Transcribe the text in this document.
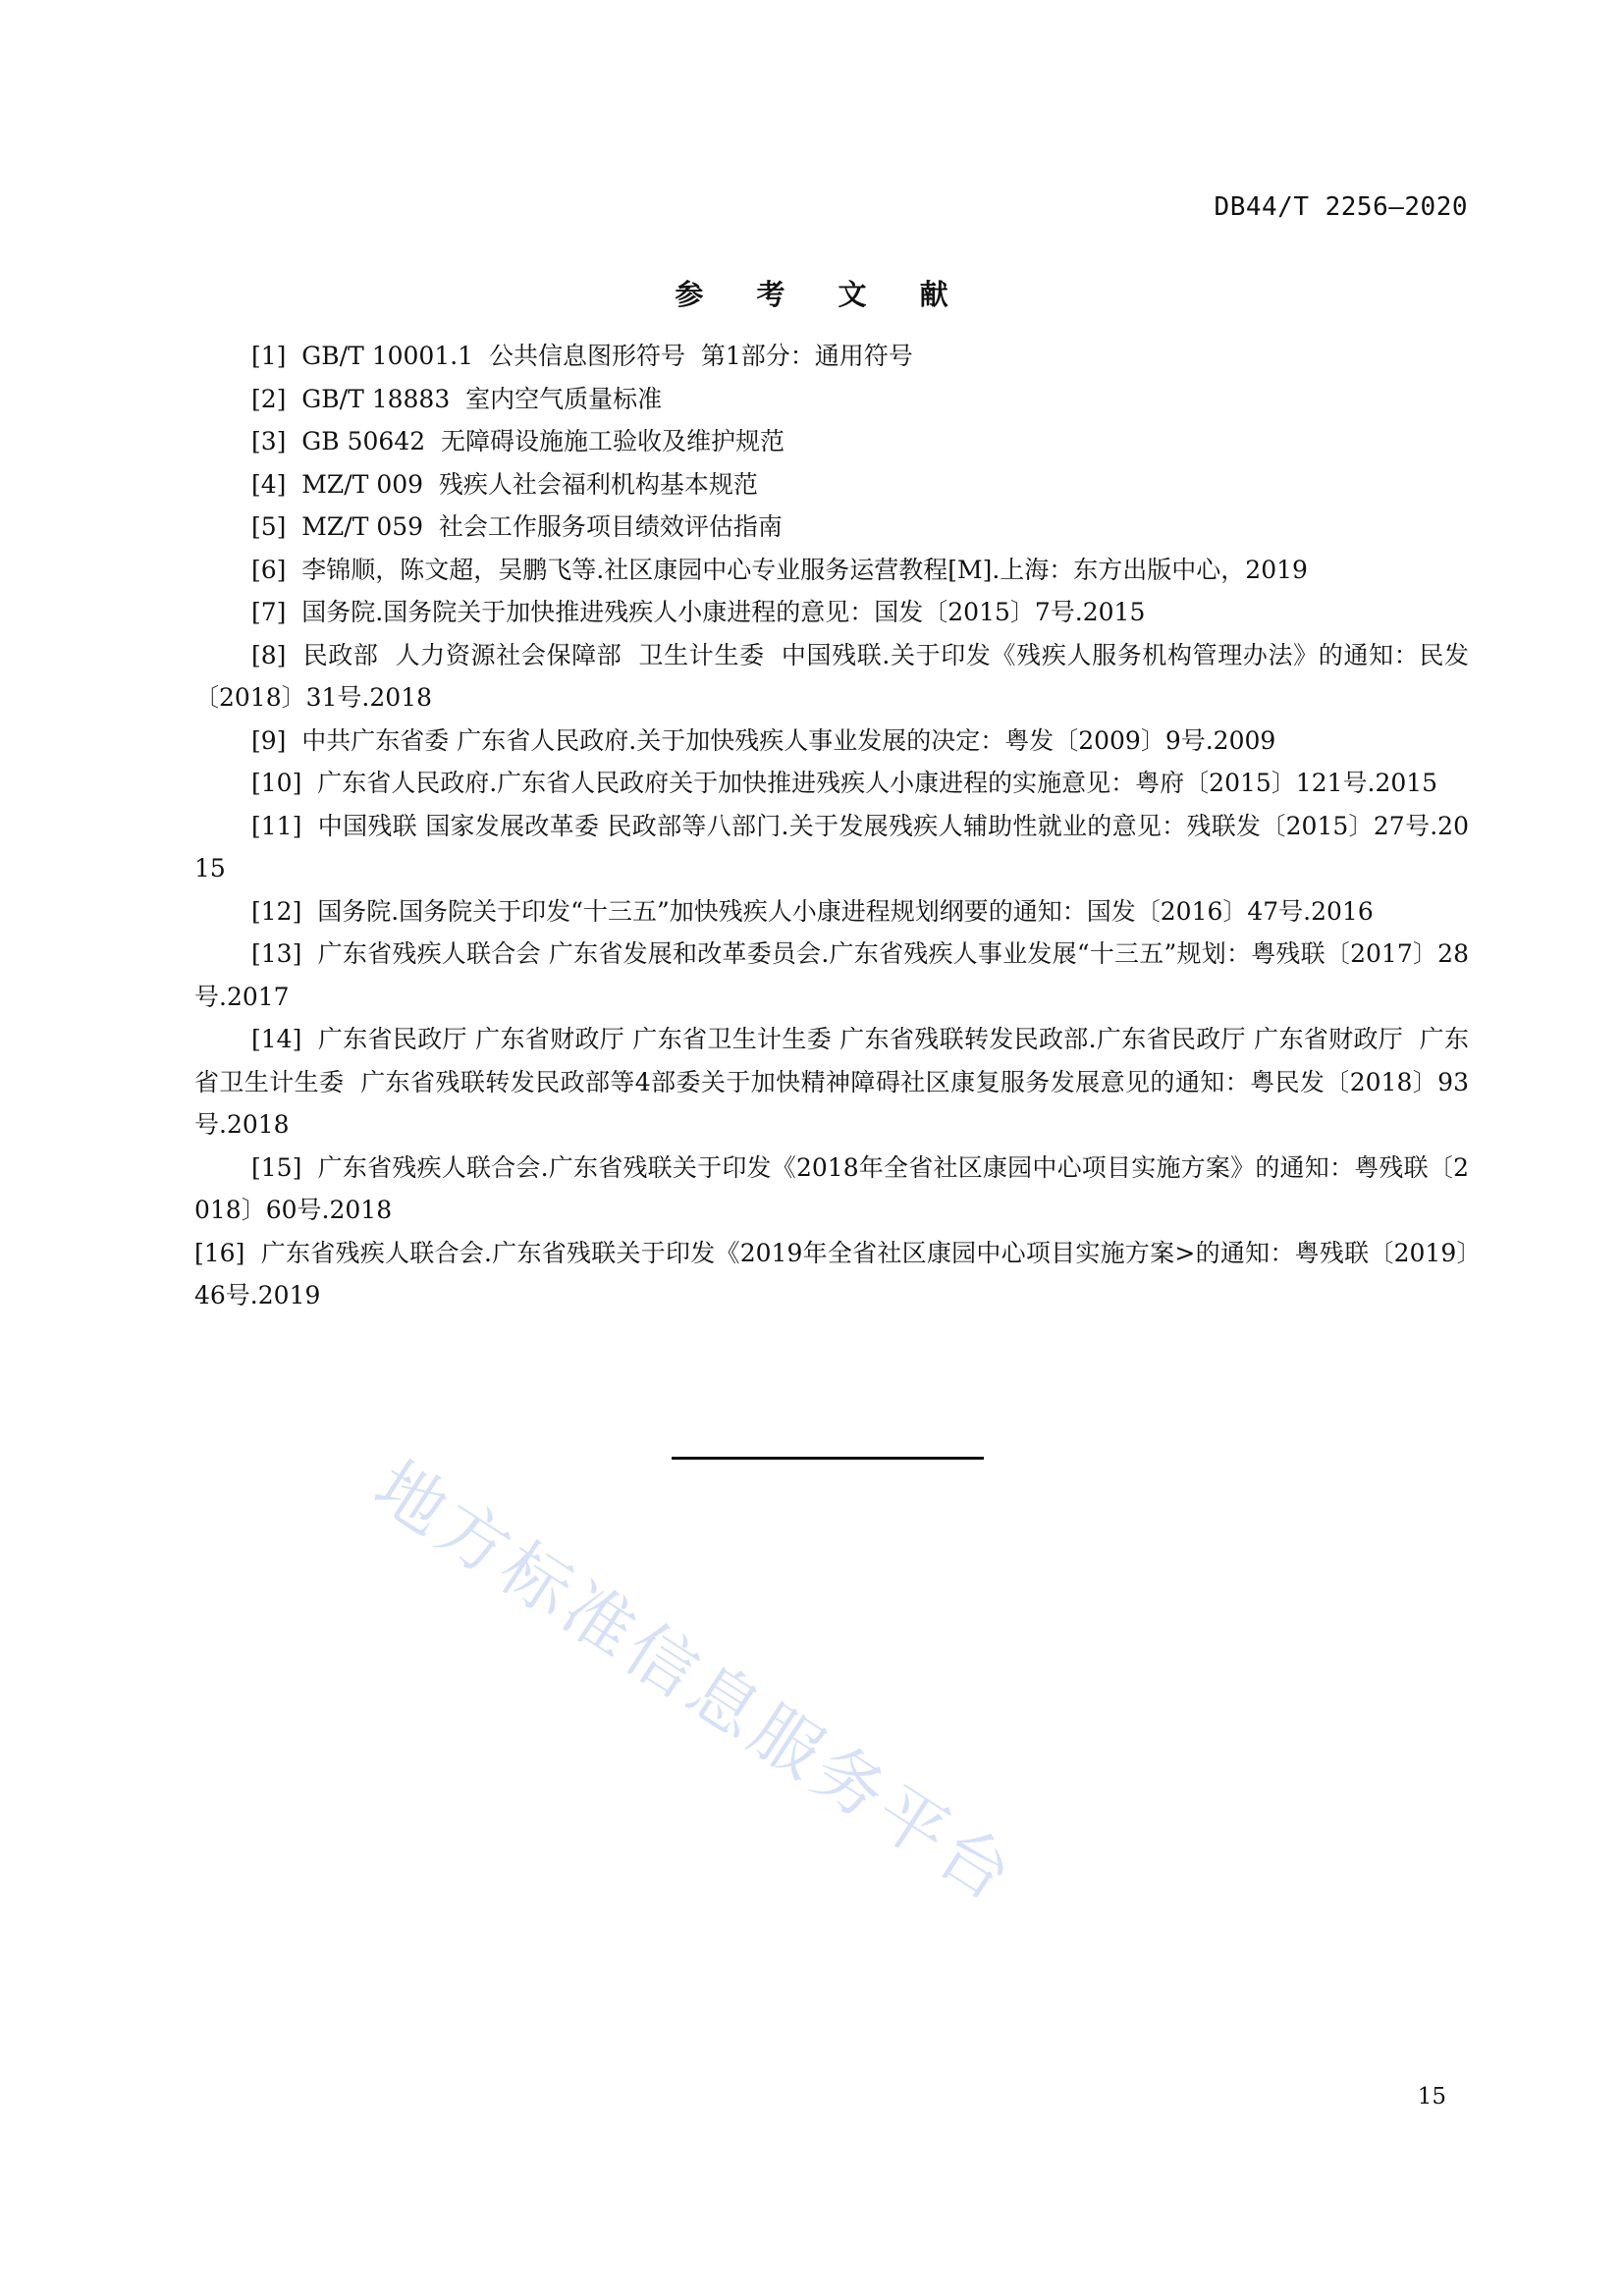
DB44/T 2256—2020
参 考 文 献
[1]  GB/T 10001.1  公共信息图形符号  第1部分：通用符号
[2]  GB/T 18883  室内空气质量标准
[3]  GB 50642  无障碍设施施工验收及维护规范
[4]  MZ/T 009  残疾人社会福利机构基本规范
[5]  MZ/T 059  社会工作服务项目绩效评估指南
[6]  李锦顺，陈文超，吴鹏飞等.社区康园中心专业服务运营教程[M].上海：东方出版中心，2019
[7]  国务院.国务院关于加快推进残疾人小康进程的意见：国发〔2015〕7号.2015
[8]  民政部  人力资源社会保障部  卫生计生委  中国残联.关于印发《残疾人服务机构管理办法》的通知：民发〔2018〕31号.2018
[9]  中共广东省委 广东省人民政府.关于加快残疾人事业发展的决定：粤发〔2009〕9号.2009
[10]  广东省人民政府.广东省人民政府关于加快推进残疾人小康进程的实施意见：粤府〔2015〕121号.2015
[11]  中国残联 国家发展改革委 民政部等八部门.关于发展残疾人辅助性就业的意见：残联发〔2015〕27号.2015
[12]  国务院.国务院关于印发“十三五”加快残疾人小康进程规划纲要的通知：国发〔2016〕47号.2016
[13]  广东省残疾人联合会 广东省发展和改革委员会.广东省残疾人事业发展“十三五”规划：粤残联〔2017〕28  号.2017
[14]  广东省民政厅 广东省财政厅 广东省卫生计生委 广东省残联转发民政部.广东省民政厅 广东省财政厅  广东省卫生计生委  广东省残联转发民政部等4部委关于加快精神障碍社区康复服务发展意见的通知：粤民发〔2018〕93号.2018
[15]  广东省残疾人联合会.广东省残联关于印发《2018年全省社区康园中心项目实施方案》的通知：粤残联〔2018〕60号.2018
[16]  广东省残疾人联合会.广东省残联关于印发《2019年全省社区康园中心项目实施方案>的通知：粤残联〔2019〕46号.2019
地方标准信息服务平台
15
